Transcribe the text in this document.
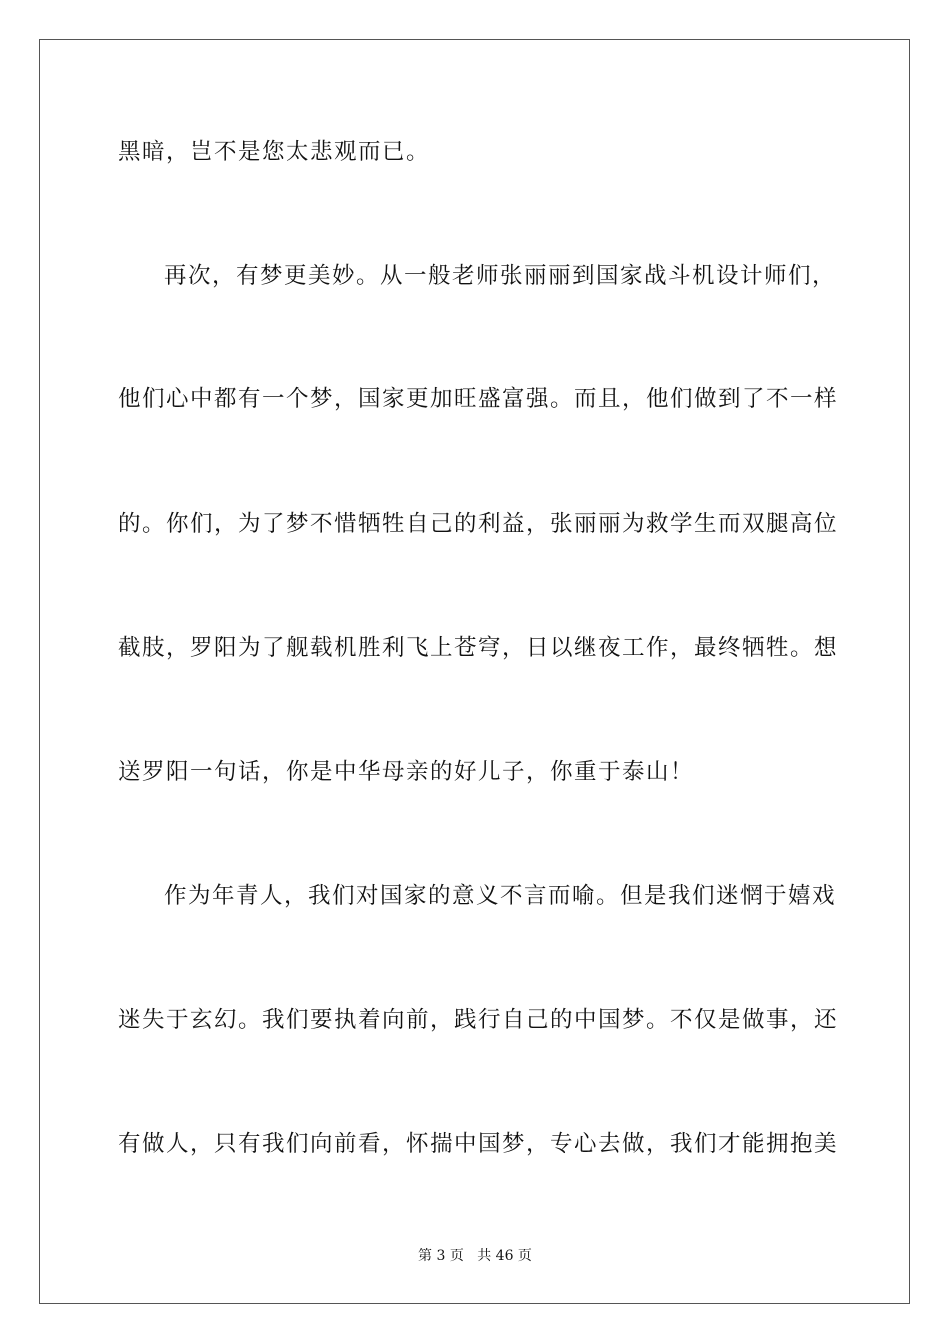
黑暗，岂不是您太悲观而已。
再次，有梦更美妙。从一般老师张丽丽到国家战斗机设计师们，
他们心中都有一个梦，国家更加旺盛富强。而且，他们做到了不一样
的。你们，为了梦不惜牺牲自己的利益，张丽丽为救学生而双腿高位
截肢，罗阳为了舰载机胜利飞上苍穹，日以继夜工作，最终牺牲。想
送罗阳一句话，你是中华母亲的好儿子，你重于泰山！
作为年青人，我们对国家的意义不言而喻。但是我们迷惘于嬉戏
迷失于玄幻。我们要执着向前，践行自己的中国梦。不仅是做事，还
有做人，只有我们向前看，怀揣中国梦，专心去做，我们才能拥抱美
第 3 页 共 46 页
